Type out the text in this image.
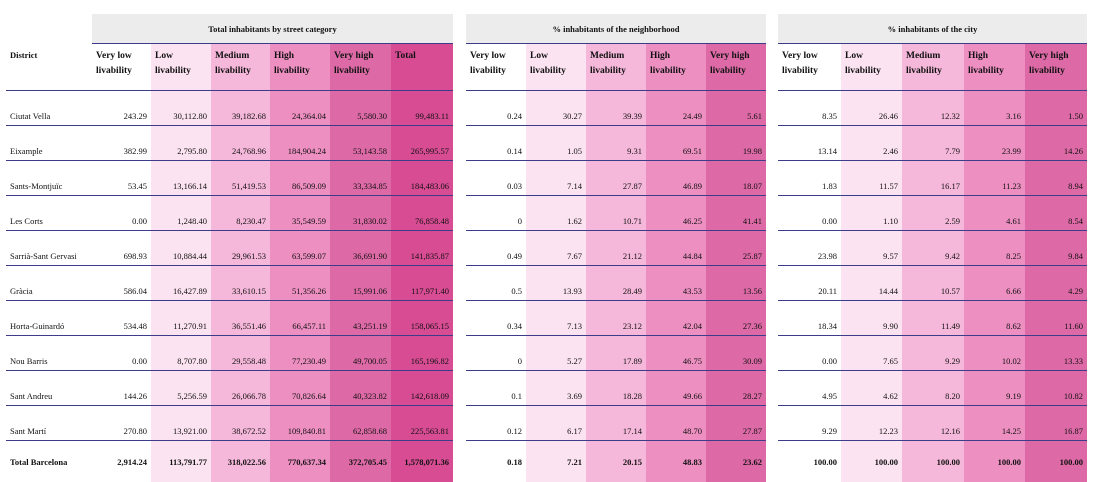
	Total inhabitants by street category					
District	Very low livability	Low livability	Medium livability	High livability	Very high livability	Total
Ciutat Vella	243.29	30,112.80	39,182.68	24,364.04	5,580.30	99,483.11
Eixample	382.99	2,795.80	24,768.96	184,904.24	53,143.58	265,995.57
Sants-Montjuïc	53.45	13,166.14	51,419.53	86,509.09	33,334.85	184,483.06
Les Corts	0.00	1,248.40	8,230.47	35,549.59	31,830.02	76,858.48
Sarrià-Sant Gervasi	698.93	10,884.44	29,961.53	63,599.07	36,691.90	141,835.87
Gràcia	586.04	16,427.89	33,610.15	51,356.26	15,991.06	117,971.40
Horta-Guinardó	534.48	11,270.91	36,551.46	66,457.11	43,251.19	158,065.15
Nou Barris	0.00	8,707.80	29,558.48	77,230.49	49,700.05	165,196.82
Sant Andreu	144.26	5,256.59	26,066.78	70,826.64	40,323.82	142,618.09
Sant Martí	270.80	13,921.00	38,672.52	109,840.81	62,858.68	225,563.81
Total Barcelona	2,914.24	113,791.77	318,022.56	770,637.34	372,705.45	1,578,071.36
% inhabitants of the neighborhood				
Very low livability	Low livability	Medium livability	High livability	Very high livability
0.24	30.27	39.39	24.49	5.61
0.14	1.05	9.31	69.51	19.98
0.03	7.14	27.87	46.89	18.07
0	1.62	10.71	46.25	41.41
0.49	7.67	21.12	44.84	25.87
0.5	13.93	28.49	43.53	13.56
0.34	7.13	23.12	42.04	27.36
0	5.27	17.89	46.75	30.09
0.1	3.69	18.28	49.66	28.27
0.12	6.17	17.14	48.70	27.87
0.18	7.21	20.15	48.83	23.62
% inhabitants of the city				
Very low livability	Low livability	Medium livability	High livability	Very high livability
8.35	26.46	12.32	3.16	1.50
13.14	2.46	7.79	23.99	14.26
1.83	11.57	16.17	11.23	8.94
0.00	1.10	2.59	4.61	8.54
23.98	9.57	9.42	8.25	9.84
20.11	14.44	10.57	6.66	4.29
18.34	9.90	11.49	8.62	11.60
0.00	7.65	9.29	10.02	13.33
4.95	4.62	8.20	9.19	10.82
9.29	12.23	12.16	14.25	16.87
100.00	100.00	100.00	100.00	100.00
